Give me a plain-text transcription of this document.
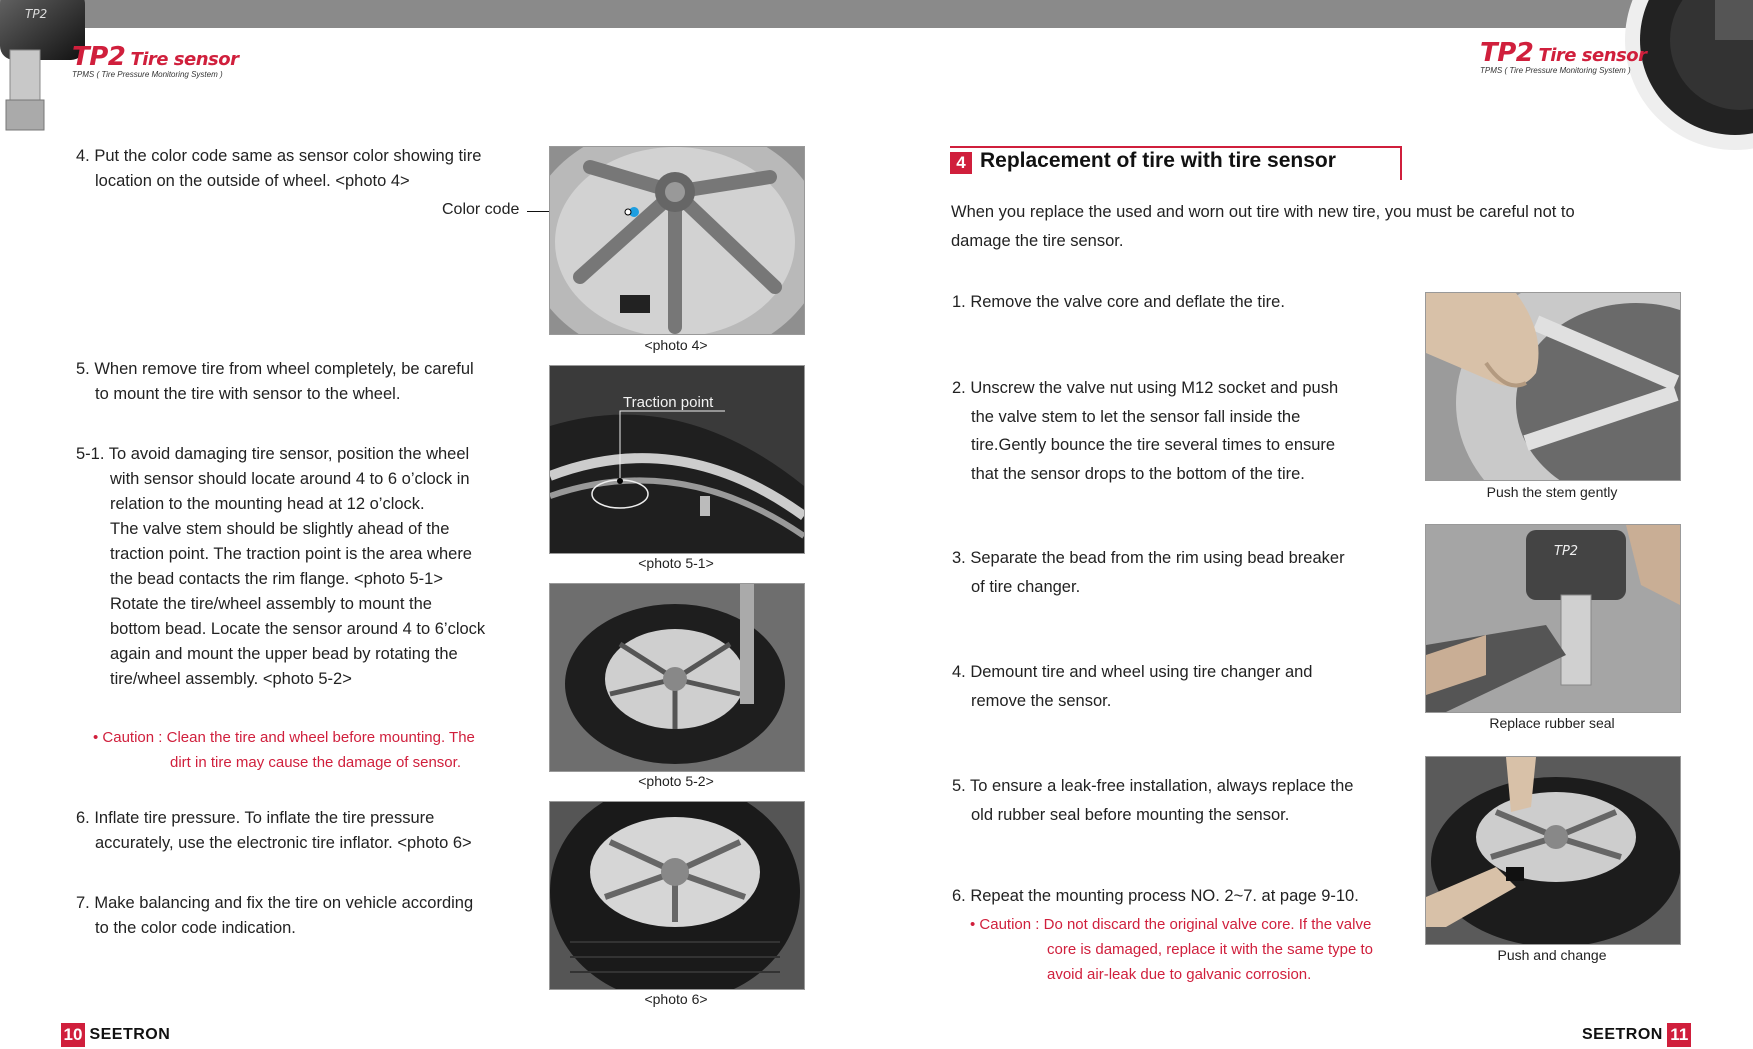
TP2
TP2 Tire sensor
TPMS ( Tire Pressure Monitoring System )
TP2 Tire sensor
TPMS ( Tire Pressure Monitoring System )

4. Put the color code same as sensor color showing tire

location on the outside of wheel. <photo 4>

Color code
<photo 4>

5. When remove tire from wheel completely, be careful

to mount the tire with sensor to the wheel.

5-1. To avoid damaging tire sensor, position the wheel

with sensor should locate around 4 to 6 o’clock in

relation to the mounting head at 12 o’clock.

The valve stem should be slightly ahead of the

traction point. The traction point is the area where

the bead contacts the rim flange. <photo 5-1>

Rotate the tire/wheel assembly to mount the

bottom bead. Locate the sensor around 4 to 6’clock

again and mount the upper bead by rotating the

tire/wheel assembly. <photo 5-2>

• Caution : Clean the tire and wheel before mounting. The

dirt in tire may cause the damage of sensor.

Traction point
<photo 5-1>
<photo 5-2>

6. Inflate tire pressure. To inflate the tire pressure

accurately, use the electronic tire inflator. <photo 6>

7. Make balancing and fix the tire on vehicle according

to the color code indication.

<photo 6>
10 SEETRON
4 Replacement of tire with tire sensor

When you replace the used and worn out tire with new tire, you must be careful not to

damage the tire sensor.

1. Remove the valve core and deflate the tire.

2. Unscrew the valve nut using M12 socket and push

the valve stem to let the sensor fall inside the

tire.Gently bounce the tire several times to ensure

that the sensor drops to the bottom of the tire.

3. Separate the bead from the rim using bead breaker

of tire changer.

4. Demount tire and wheel using tire changer and

remove the sensor.

5. To ensure a leak-free installation, always replace the

old rubber seal before mounting the sensor.

6. Repeat the mounting process NO. 2~7. at page 9-10.

• Caution : Do not discard the original valve core. If the valve

core is damaged, replace it with the same type to

avoid air-leak due to galvanic corrosion.

Push the stem gently
TP2
Replace rubber seal
Push and change
SEETRON 11
